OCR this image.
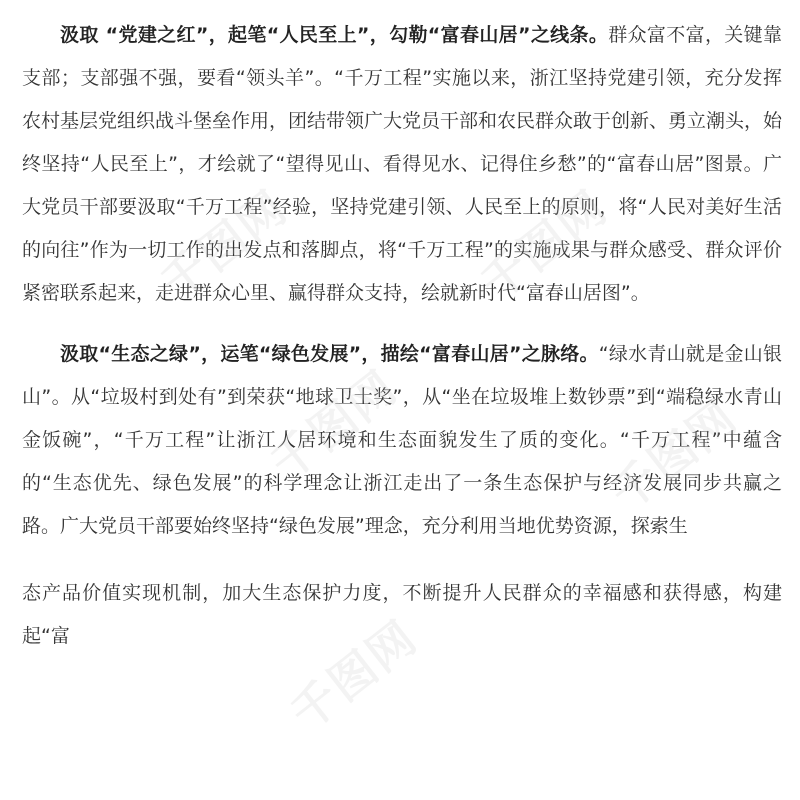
汲取 “党建之红”，起笔“人民至上”，勾勒“富春山居”之线条。群众富不富，关键靠支部；支部强不强，要看“领头羊”。“千万工程”实施以来，浙江坚持党建引领，充分发挥农村基层党组织战斗堡垒作用，团结带领广大党员干部和农民群众敢于创新、勇立潮头，始终坚持“人民至上”，才绘就了“望得见山、看得见水、记得住乡愁”的“富春山居”图景。广大党员干部要汲取“千万工程”经验，坚持党建引领、人民至上的原则，将“人民对美好生活的向往”作为一切工作的出发点和落脚点，将“千万工程”的实施成果与群众感受、群众评价紧密联系起来，走进群众心里、赢得群众支持，绘就新时代“富春山居图”。

汲取“生态之绿”，运笔“绿色发展”，描绘“富春山居”之脉络。“绿水青山就是金山银山”。从“垃圾村到处有”到荣获“地球卫士奖”，从“坐在垃圾堆上数钞票”到“端稳绿水青山金饭碗”，“千万工程”让浙江人居环境和生态面貌发生了质的变化。“千万工程”中蕴含的“生态优先、绿色发展”的科学理念让浙江走出了一条生态保护与经济发展同步共赢之路。广大党员干部要始终坚持“绿色发展”理念，充分利用当地优势资源，探索生

态产品价值实现机制，加大生态保护力度，不断提升人民群众的幸福感和获得感，构建起“富

千图网	千图网
千图网	千图网
千图网
